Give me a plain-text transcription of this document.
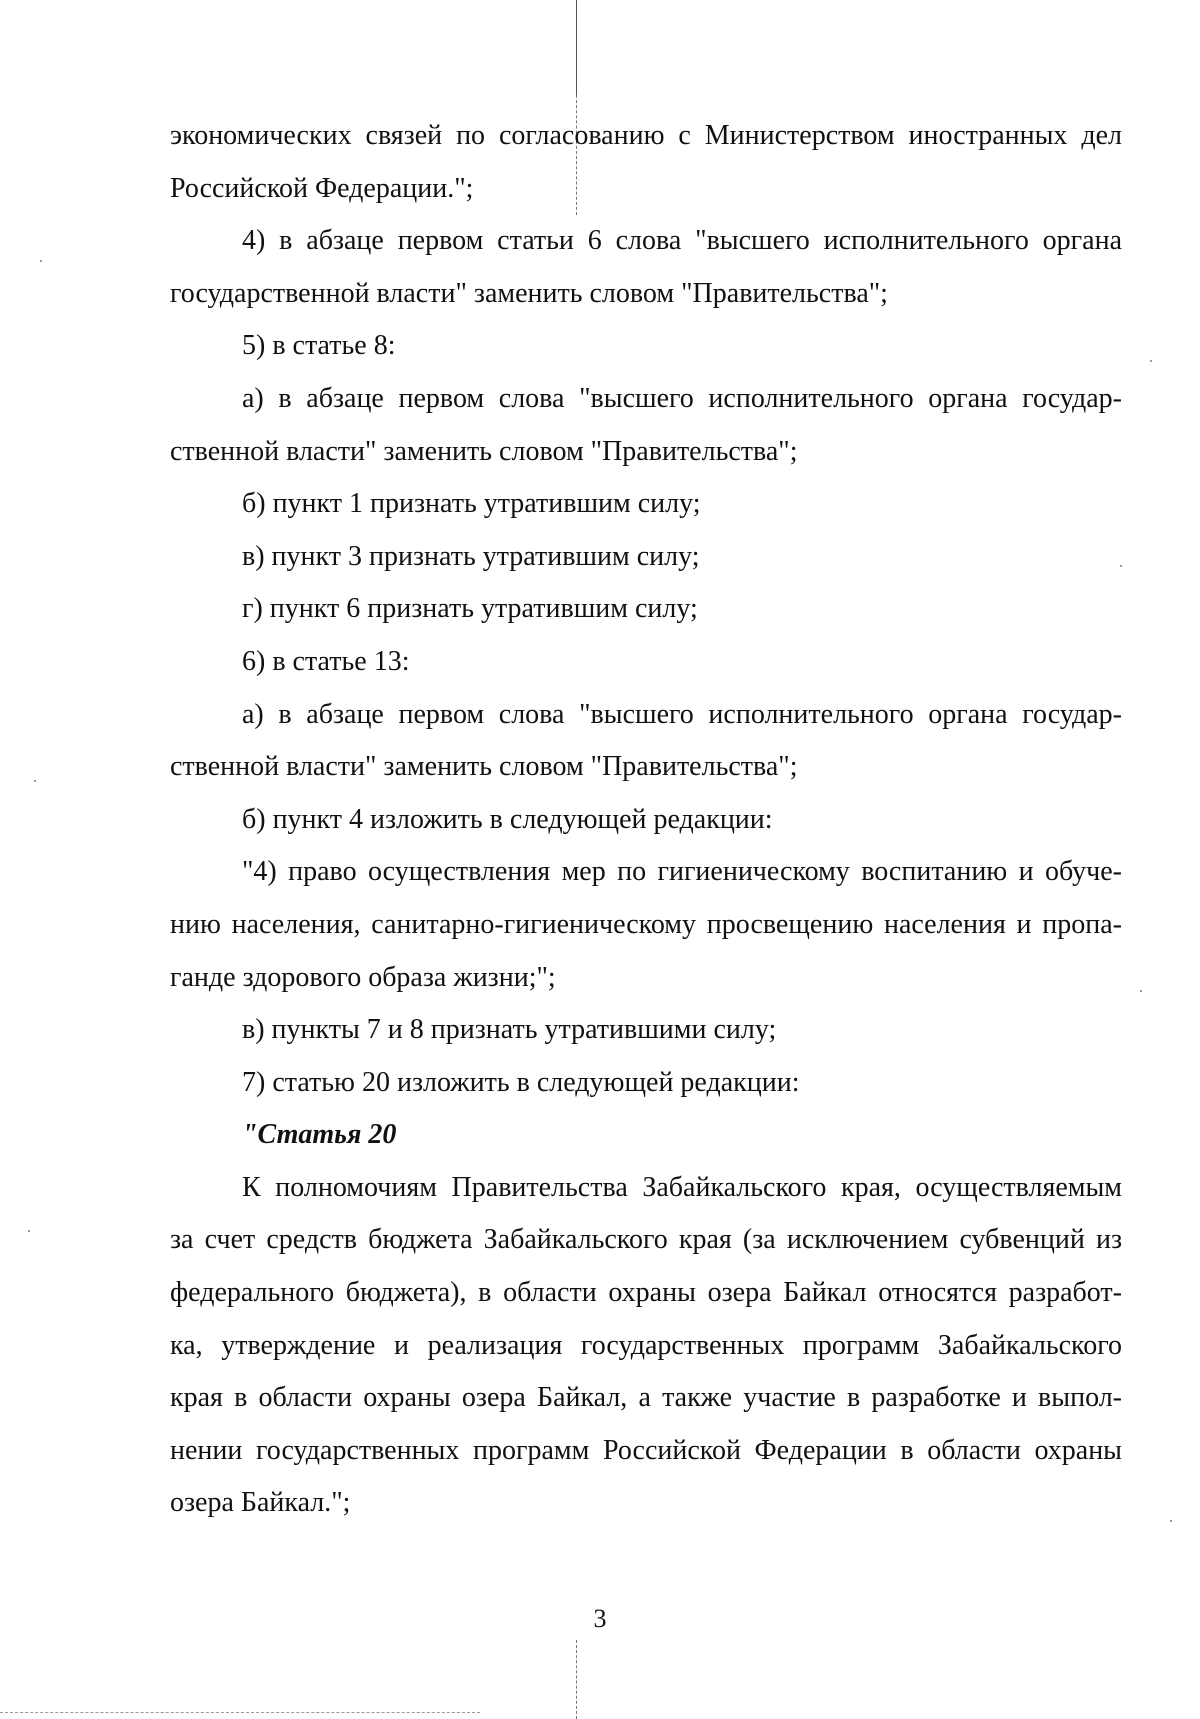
экономических связей по согласованию с Министерством иностранных дел
Российской Федерации.";
4) в абзаце первом статьи 6 слова "высшего исполнительного органа
государственной власти" заменить словом "Правительства";
5) в статье 8:
а) в абзаце первом слова "высшего исполнительного органа государ-
ственной власти" заменить словом "Правительства";
б) пункт 1 признать утратившим силу;
в) пункт 3 признать утратившим силу;
г) пункт 6 признать утратившим силу;
6) в статье 13:
а) в абзаце первом слова "высшего исполнительного органа государ-
ственной власти" заменить словом "Правительства";
б) пункт 4 изложить в следующей редакции:
"4) право осуществления мер по гигиеническому воспитанию и обуче-
нию населения, санитарно-гигиеническому просвещению населения и пропа-
ганде здорового образа жизни;";
в) пункты 7 и 8 признать утратившими силу;
7) статью 20 изложить в следующей редакции:
"Статья 20
К полномочиям Правительства Забайкальского края, осуществляемым
за счет средств бюджета Забайкальского края (за исключением субвенций из
федерального бюджета), в области охраны озера Байкал относятся разработ-
ка, утверждение и реализация государственных программ Забайкальского
края в области охраны озера Байкал, а также участие в разработке и выпол-
нении государственных программ Российской Федерации в области охраны
озера Байкал.";
3
